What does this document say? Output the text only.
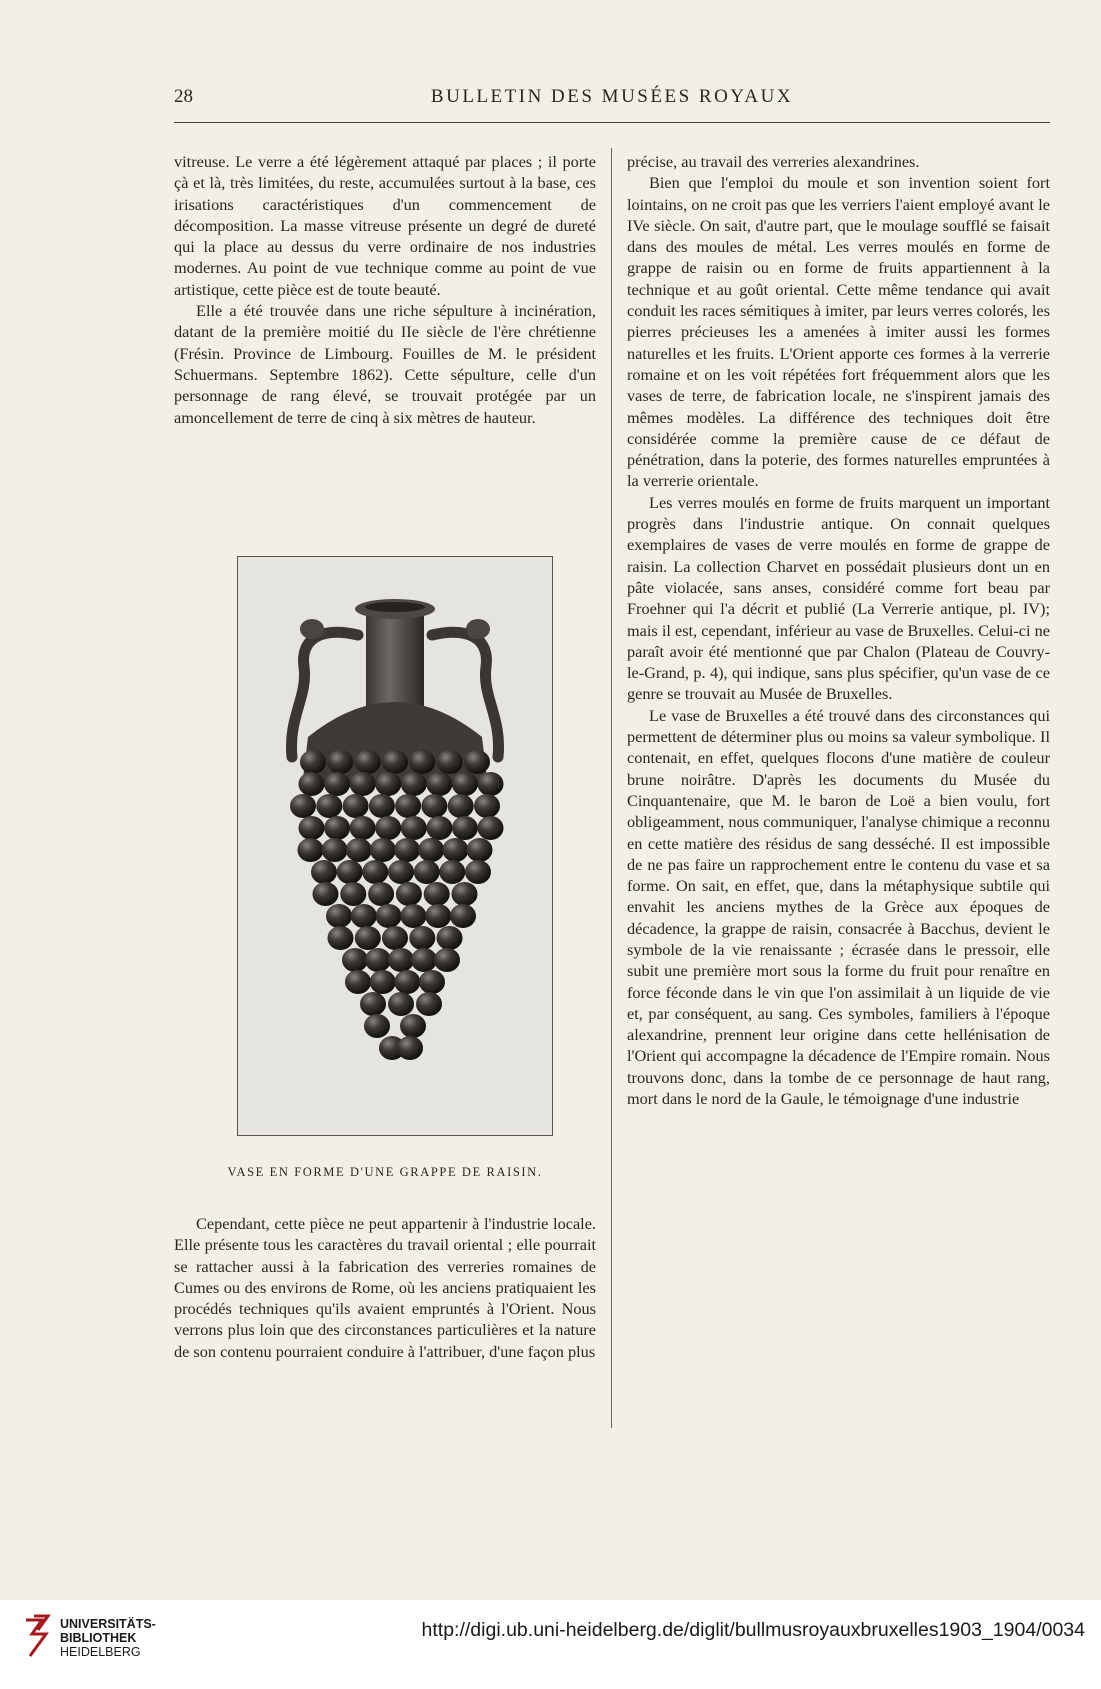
28	BULLETIN DES MUSÉES ROYAUX

vitreuse. Le verre a été légèrement attaqué par places ; il porte çà et là, très limitées, du reste, accumulées surtout à la base, ces irisations caractéristiques d'un commencement de décomposition. La masse vitreuse présente un degré de dureté qui la place au dessus du verre ordinaire de nos industries modernes. Au point de vue technique comme au point de vue artistique, cette pièce est de toute beauté.

Elle a été trouvée dans une riche sépulture à incinération, datant de la première moitié du IIe siècle de l'ère chrétienne (Frésin. Province de Limbourg. Fouilles de M. le président Schuermans. Septembre 1862). Cette sépulture, celle d'un personnage de rang élevé, se trouvait protégée par un amoncellement de terre de cinq à six mètres de hauteur.

VASE EN FORME D'UNE GRAPPE DE RAISIN.

Cependant, cette pièce ne peut appartenir à l'industrie locale. Elle présente tous les caractères du travail oriental ; elle pourrait se rattacher aussi à la fabrication des verreries romaines de Cumes ou des environs de Rome, où les anciens pratiquaient les procédés techniques qu'ils avaient empruntés à l'Orient. Nous verrons plus loin que des circonstances particulières et la nature de son contenu pourraient conduire à l'attribuer, d'une façon plus

précise, au travail des verreries alexandrines.

Bien que l'emploi du moule et son invention soient fort lointains, on ne croit pas que les verriers l'aient employé avant le IVe siècle. On sait, d'autre part, que le moulage soufflé se faisait dans des moules de métal. Les verres moulés en forme de grappe de raisin ou en forme de fruits appartiennent à la technique et au goût oriental. Cette même tendance qui avait conduit les races sémitiques à imiter, par leurs verres colorés, les pierres précieuses les a amenées à imiter aussi les formes naturelles et les fruits. L'Orient apporte ces formes à la verrerie romaine et on les voit répétées fort fréquemment alors que les vases de terre, de fabrication locale, ne s'inspirent jamais des mêmes modèles. La différence des techniques doit être considérée comme la première cause de ce défaut de pénétration, dans la poterie, des formes naturelles empruntées à la verrerie orientale.

Les verres moulés en forme de fruits marquent un important progrès dans l'industrie antique. On connait quelques exemplaires de vases de verre moulés en forme de grappe de raisin. La collection Charvet en possédait plusieurs dont un en pâte violacée, sans anses, considéré comme fort beau par Froehner qui l'a décrit et publié (La Verrerie antique, pl. IV); mais il est, cependant, inférieur au vase de Bruxelles. Celui-ci ne paraît avoir été mentionné que par Chalon (Plateau de Couvry-le-Grand, p. 4), qui indique, sans plus spécifier, qu'un vase de ce genre se trouvait au Musée de Bruxelles.

Le vase de Bruxelles a été trouvé dans des circonstances qui permettent de déterminer plus ou moins sa valeur symbolique. Il contenait, en effet, quelques flocons d'une matière de couleur brune noirâtre. D'après les documents du Musée du Cinquantenaire, que M. le baron de Loë a bien voulu, fort obligeamment, nous communiquer, l'analyse chimique a reconnu en cette matière des résidus de sang desséché. Il est impossible de ne pas faire un rapprochement entre le contenu du vase et sa forme. On sait, en effet, que, dans la métaphysique subtile qui envahit les anciens mythes de la Grèce aux époques de décadence, la grappe de raisin, consacrée à Bacchus, devient le symbole de la vie renaissante ; écrasée dans le pressoir, elle subit une première mort sous la forme du fruit pour renaître en force féconde dans le vin que l'on assimilait à un liquide de vie et, par conséquent, au sang. Ces symboles, familiers à l'époque alexandrine, prennent leur origine dans cette hellénisation de l'Orient qui accompagne la décadence de l'Empire romain. Nous trouvons donc, dans la tombe de ce personnage de haut rang, mort dans le nord de la Gaule, le témoignage d'une industrie

UNIVERSITÄTS-
BIBLIOTHEK
HEIDELBERG
http://digi.ub.uni-heidelberg.de/diglit/bullmusroyauxbruxelles1903_1904/0034
